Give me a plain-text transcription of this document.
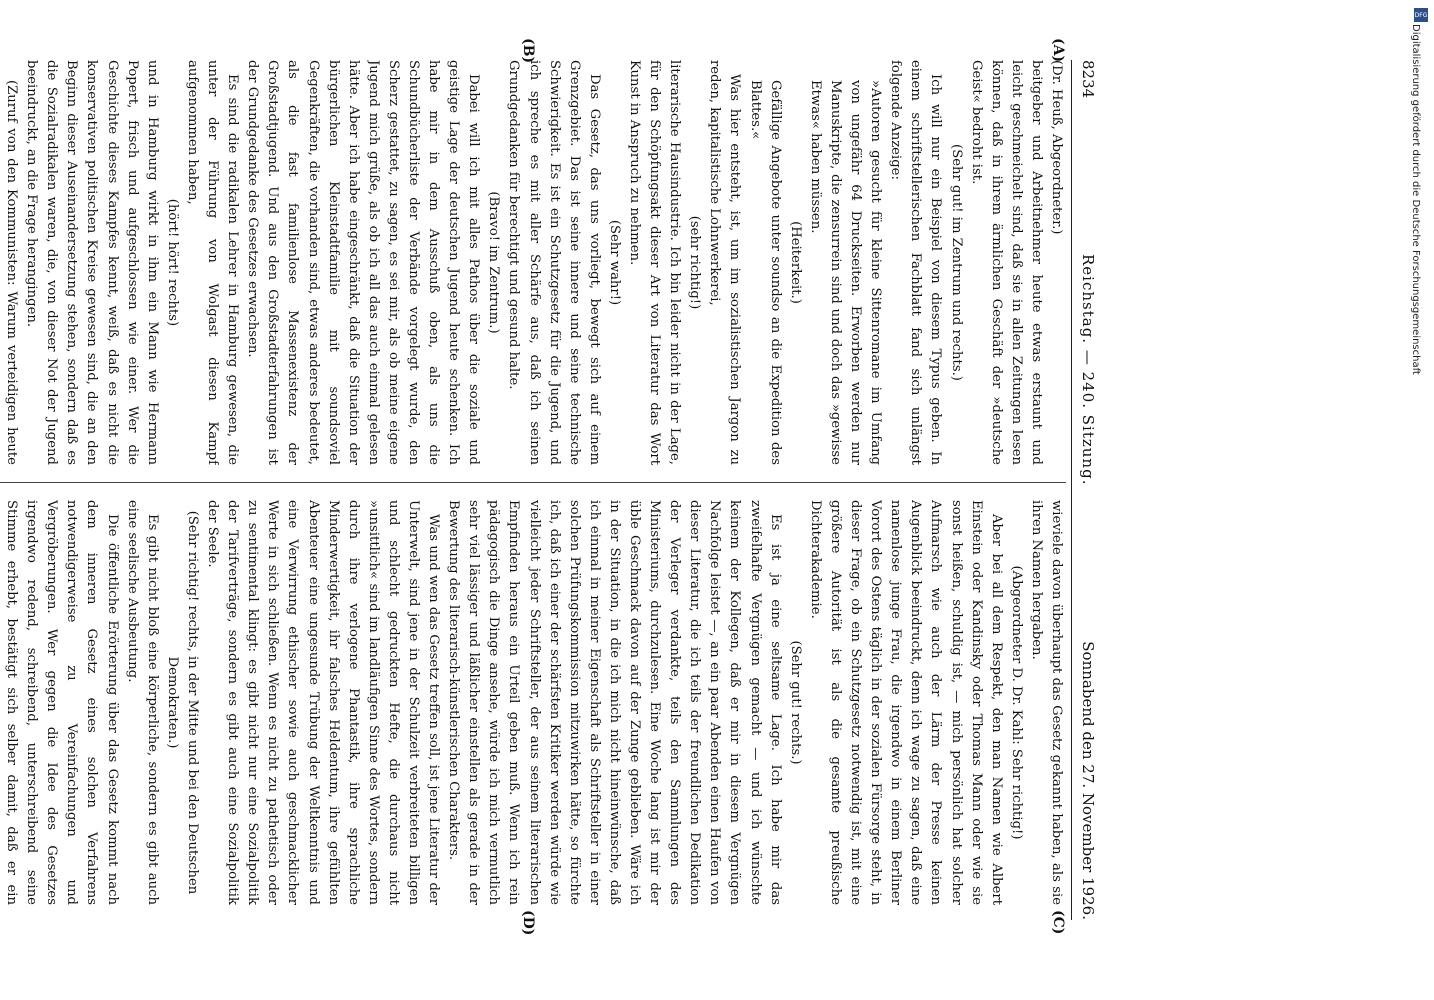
DFG
Digitalisierung gefördert durch die Deutsche Forschungsgemeinschaft
8234
Reichstag. — 240. Sitzung.
Sonnabend den 27. November 1926.
(A)
(B)
(C)
(D)

(Dr. Heuß, Abgeordneter.)

beitgeber und Arbeitnehmer heute etwas erstaunt und leicht geschmeichelt sind, daß sie in allen Zeitungen lesen können, daß in ihrem ärmlichen Geschäft der »deutsche Geist« bedroht ist.

(Sehr gut! im Zentrum und rechts.)

Ich will nur ein Beispiel von diesem Typus geben. In einem schriftstellerischen Fachblatt fand sich unlängst folgende Anzeige:

»Autoren gesucht für kleine Sittenromane im Umfang von ungefähr 64 Druckseiten. Erworben werden nur Manuskripte, die zensurrein sind und doch das »gewisse Etwas« haben müssen.

(Heiterkeit.)

Gefällige Angebote unter soundso an die Expedition des Blattes.«

Was hier entsteht, ist, um im sozialistischen Jargon zu reden, kapitalistische Lohnwerkerei,

(sehr richtig!)

literarische Hausindustrie. Ich bin leider nicht in der Lage, für den Schöpfungsakt dieser Art von Literatur das Wort Kunst in Anspruch zu nehmen.

(Sehr wahr!)

Das Gesetz, das uns vorliegt, bewegt sich auf einem Grenzgebiet. Das ist seine innere und seine technische Schwierigkeit. Es ist ein Schutzgesetz für die Jugend, und ich spreche es mit aller Schärfe aus, daß ich seinen Grundgedanken für berechtigt und gesund halte.

(Bravo! im Zentrum.)

Dabei will ich mit alles Pathos über die soziale und geistige Lage der deutschen Jugend heute schenken. Ich habe mir in dem Ausschuß oben, als uns die Schundbücherliste der Verbände vorgelegt wurde, den Scherz gestattet, zu sagen, es sei mir, als ob meine eigene Jugend mich grüße, als ob ich all das auch einmal gelesen hätte. Aber ich habe eingeschränkt, daß die Situation der bürgerlichen Kleinstadtfamilie mit soundsoviel Gegenkräften, die vorhanden sind, etwas anderes bedeutet, als die fast familienlose Massenexistenz der Großstadtjugend. Und aus den Großstadterfahrungen ist der Grundgedanke des Gesetzes erwachsen.

Es sind die radikalen Lehrer in Hamburg gewesen, die unter der Führung von Wolgast diesen Kampf aufgenommen haben,

(hört! hört! rechts)

und in Hamburg wirkt in ihm ein Mann wie Hermann Popert, frisch und aufgeschlossen wie einer. Wer die Geschichte dieses Kampfes kennt, weiß, daß es nicht die konservativen politischen Kreise gewesen sind, die an den Beginn dieser Auseinandersetzung stehen, sondern daß es die Sozialradikalen waren, die, von dieser Not der Jugend beeindruckt, an die Frage herangingen.

(Zuruf von den Kommunisten: Warum verteidigen heute

wieviele davon überhaupt das Gesetz gekannt haben, als sie ihren Namen hergaben.

(Abgeordneter D. Dr. Kahl: Sehr richtig!)

Aber bei all dem Respekt, den man Namen wie Albert Einstein oder Kandinsky oder Thomas Mann oder wie sie sonst heißen, schuldig ist, — mich persönlich hat solcher Aufmarsch wie auch der Lärm der Presse keinen Augenblick beeindruckt, denn ich wage zu sagen, daß eine namenlose junge Frau, die irgendwo in einem Berliner Vorort des Ostens täglich in der sozialen Fürsorge steht, in dieser Frage, ob ein Schutzgesetz notwendig ist, mit eine größere Autorität ist als die gesamte preußische Dichterakademie.

(Sehr gut! rechts.)

Es ist ja eine seltsame Lage. Ich habe mir das zweifelhafte Vergnügen gemacht — und ich wünschte keinem der Kollegen, daß er mir in diesem Vergnügen Nachfolge leistet —, an ein paar Abenden einen Haufen von dieser Literatur, die ich teils der freundlichen Dedikation der Verleger verdankte, teils den Sammlungen des Ministeriums, durchzulesen. Eine Woche lang ist mir der üble Geschmack davon auf der Zunge geblieben. Wäre ich in der Situation, in die ich mich nicht hineinwünsche, daß ich einmal in meiner Eigenschaft als Schriftsteller in einer solchen Prüfungskommission mitzuwirken hätte, so fürchte ich, daß ich einer der schärfsten Kritiker werden würde wie vielleicht jeder Schriftsteller, der aus seinem literarischen Empfinden heraus ein Urteil geben muß. Wenn ich rein pädagogisch die Dinge ansehe, würde ich mich vermutlich sehr viel lässiger und läßlicher einstellen als gerade in der Bewertung des literarisch-künstlerischen Charakters.

Was und wen das Gesetz treffen soll, ist jene Literatur der Unterwelt, sind jene in der Schulzeit verbreiteten billigen und schlecht gedruckten Hefte, die durchaus nicht »unsittlich« sind im landläufigen Sinne des Wortes, sondern durch ihre verlogene Phantastik, ihre sprachliche Minderwertigkeit, ihr falsches Heldentum, ihre gefühlten Abenteuer eine ungesunde Trübung der Weltkenntnis und eine Verwirrung ethischer sowie auch geschmacklicher Werte in sich schließen. Wenn es nicht zu pathetisch oder zu sentimental klingt: es gibt nicht nur eine Sozialpolitik der Tarifverträge, sondern es gibt auch eine Sozialpolitik der Seele.

(Sehr richtig! rechts, in der Mitte und bei den Deutschen Demokraten.)

Es gibt nicht bloß eine körperliche, sondern es gibt auch eine seelische Ausbeutung.

Die öffentliche Erörterung über das Gesetz kommt nach dem inneren Gesetz eines solchen Verfahrens notwendigerweise zu Vereinfachungen und Vergröberungen. Wer gegen die Idee des Gesetzes irgendwo redend, schreibend, unterschreibend seine Stimme erhebt, bestätigt sich selber damit, daß er ein
